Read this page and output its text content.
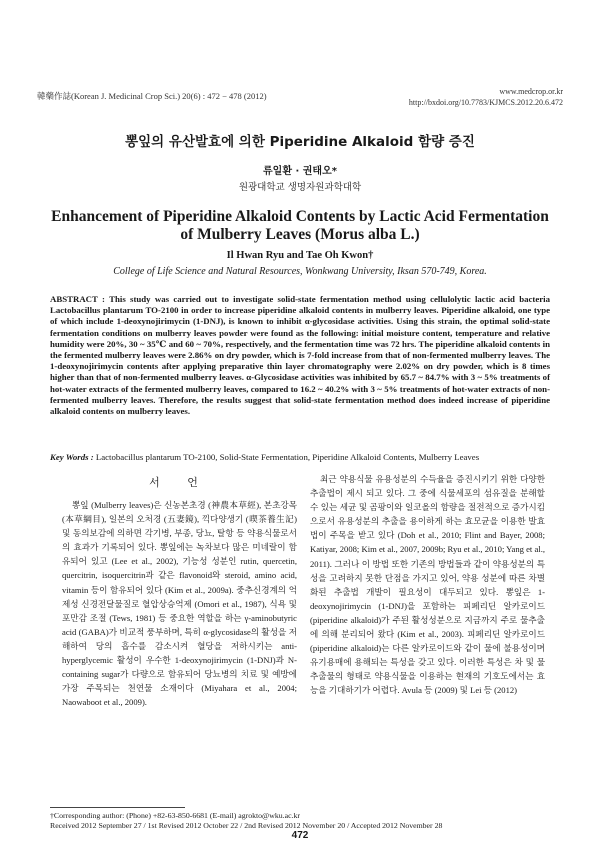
韓藥作誌(Korean J. Medicinal Crop Sci.) 20(6) : 472 − 478 (2012)	www.medcrop.or.kr
http://bxdoi.org/10.7783/KJMCS.2012.20.6.472
뽕잎의 유산발효에 의한 Piperidine Alkaloid 함량 증진
류일환 · 권태오*
원광대학교 생명자원과학대학
Enhancement of Piperidine Alkaloid Contents by Lactic Acid Fermentation of Mulberry Leaves (Morus alba L.)
Il Hwan Ryu and Tae Oh Kwon†
College of Life Science and Natural Resources, Wonkwang University, Iksan 570-749, Korea.
ABSTRACT : This study was carried out to investigate solid-state fermentation method using cellulolytic lactic acid bacteria Lactobacillus plantarum TO-2100 in order to increase piperidine alkaloid contents in mulberry leaves. Piperidine alkaloid, one type of which include 1-deoxynojirimycin (1-DNJ), is known to inhibit α-glycosidase activities. Using this strain, the optimal solid-state fermentation conditions on mulberry leaves powder were found as the following: initial moisture content, temperature and relative humidity were 20%, 30 ~ 35℃ and 60 ~ 70%, respectively, and the fermentation time was 72 hrs. The piperidine alkaloid contents in the fermented mulberry leaves were 2.86% on dry powder, which is 7-fold increase from that of non-fermented mulberry leaves. The 1-deoxynojirimycin contents after applying preparative thin layer chromatography were 2.02% on dry powder, which is 8 times higher than that of non-fermented mulberry leaves. α-Glycosidase activities was inhibited by 65.7 ~ 84.7% with 3 ~ 5% treatments of hot-water extracts of the fermented mulberry leaves, compared to 16.2 ~ 40.2% with 3 ~ 5% treatments of hot-water extracts of non-fermented mulberry leaves. Therefore, the results suggest that solid-state fermentation method does indeed increase of piperidine alkaloid contents on mulberry leaves.
Key Words : Lactobacillus plantarum TO-2100, Solid-State Fermentation, Piperidine Alkaloid Contents, Mulberry Leaves
서 언
뽕잎 (Mulberry leaves)은 신농본초경 (神農本草經), 본초강목 (本草綱目), 일본의 오처경 (五妻鏡), 끽다양생기 (喫茶養生記) 및 동의보감에 의하면 각기병, 부종, 당뇨, 탈항 등 약용식물로서의 효과가 기록되어 있다. 뽕잎에는 녹차보다 많은 미네랄이 함유되어 있고 (Lee et al., 2002), 기능성 성분인 rutin, quercetin, quercitrin, isoquercitrin과 같은 flavonoid와 steroid, amino acid, vitamin 등이 함유되어 있다 (Kim et al., 2009a). 중추신경계의 억제성 신경전달물질로 혈압상승억제 (Omori et al., 1987), 식욕 및 포만감 조절 (Tews, 1981) 등 중요한 역할을 하는 γ-aminobutyric acid (GABA)가 비교적 풍부하며, 특히 α-glycosidase의 활성을 저해하여 당의 흡수를 감소시켜 혈당을 저하시키는 anti-hyperglycemic 활성이 우수한 1-deoxynojirimycin (1-DNJ)과 N-containing sugar가 다량으로 함유되어 당뇨병의 치료 및 예방에 가장 주목되는 천연물 소재이다 (Miyahara et al., 2004; Naowaboot et al., 2009).
최근 약용식물 유용성분의 수득율을 증진시키기 위한 다양한 추출법이 제시 되고 있다. 그 중에 식물세포의 섬유질을 분해할 수 있는 세균 및 곰팡이와 일코올의 함량을 절전적으로 증가시킴으로서 유용성분의 추출을 용이하게 하는 효모균을 이용한 발효법이 주목을 받고 있다 (Doh et al., 2010; Flint and Bayer, 2008; Katiyar, 2008; Kim et al., 2007, 2009b; Ryu et al., 2010; Yang et al., 2011). 그러나 이 방법 또한 기존의 방법들과 같이 약용성분의 특성을 고려하지 못한 단점을 가지고 있어, 약용 성분에 따른 차별화된 추출법 개발이 필요성이 대두되고 있다. 뽕잎은 1-deoxynojirimycin (1-DNJ)을 포함하는 피페리딘 알카로이드 (piperidine alkaloid)가 주된 활성성분으로 지금까지 주로 물추출에 의해 분리되어 왔다 (Kim et al., 2003). 피페리딘 알카로이드 (piperidine alkaloid)는 다른 알카로이드와 같이 물에 불용성이며 유기용매에 용해되는 특성을 갖고 있다. 이러한 특성은 차 및 물 추출물의 형태로 약용식물을 이용하는 현재의 기호도에서는 효능을 기대하기가 어렵다. Avula 등 (2009) 및 Lei 등 (2012)
†Corresponding author: (Phone) +82-63-850-6681 (E-mail) agrokto@wku.ac.kr
Received 2012 September 27 / 1st Revised 2012 October 22 / 2nd Revised 2012 November 20 / Accepted 2012 November 28
472
